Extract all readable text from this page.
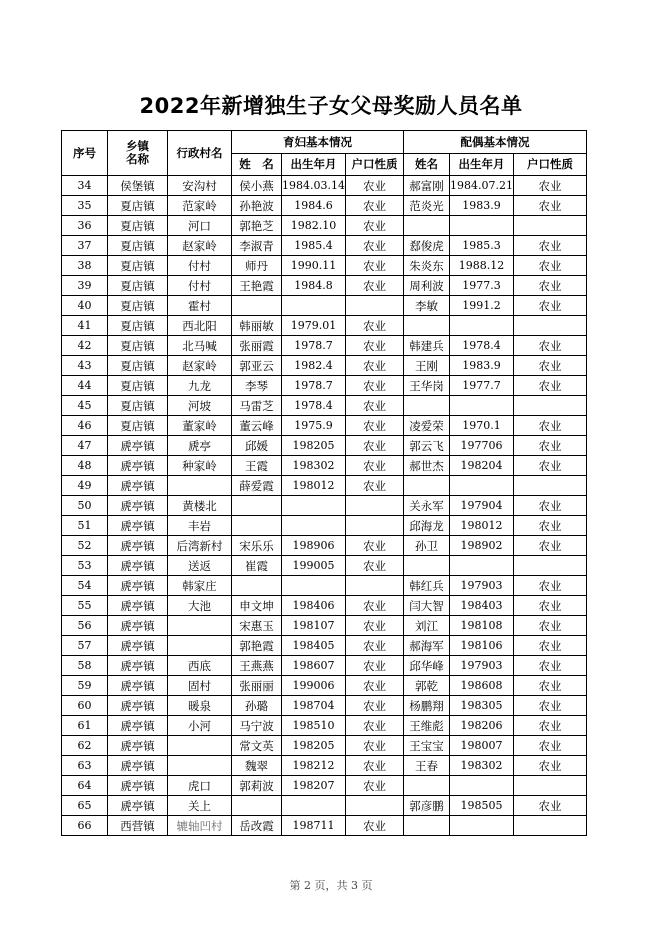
2022年新增独生子女父母奖励人员名单
序号	乡镇
名称	行政村名	育妇基本情况			配偶基本情况		
			姓　名	出生年月	户口性质	姓名	出生年月	户口性质
34	侯堡镇	安沟村	侯小燕	1984.03.14	农业	郝富刚	1984.07.21	农业
35	夏店镇	范家岭	孙艳波	1984.6	农业	范炎光	1983.9	农业
36	夏店镇	河口	郭艳芝	1982.10	农业			
37	夏店镇	赵家岭	李淑青	1985.4	农业	郄俊虎	1985.3	农业
38	夏店镇	付村	师丹	1990.11	农业	朱炎东	1988.12	农业
39	夏店镇	付村	王艳霞	1984.8	农业	周利波	1977.3	农业
40	夏店镇	霍村				李敏	1991.2	农业
41	夏店镇	西北阳	韩丽敏	1979.01	农业			
42	夏店镇	北马喊	张丽霞	1978.7	农业	韩建兵	1978.4	农业
43	夏店镇	赵家岭	郭亚云	1982.4	农业	王刚	1983.9	农业
44	夏店镇	九龙	李琴	1978.7	农业	王华岗	1977.7	农业
45	夏店镇	河坡	马雷芝	1978.4	农业			
46	夏店镇	董家岭	董云峰	1975.9	农业	凌爱荣	1970.1	农业
47	虒亭镇	虒亭	邱媛	198205	农业	郭云飞	197706	农业
48	虒亭镇	种家岭	王霞	198302	农业	郝世杰	198204	农业
49	虒亭镇		薛爱霞	198012	农业			
50	虒亭镇	黄楼北				关永军	197904	农业
51	虒亭镇	丰岩				邱海龙	198012	农业
52	虒亭镇	后湾新村	宋乐乐	198906	农业	孙卫	198902	农业
53	虒亭镇	送返	崔霞	199005	农业			
54	虒亭镇	韩家庄				韩红兵	197903	农业
55	虒亭镇	大池	申文坤	198406	农业	闫大智	198403	农业
56	虒亭镇		宋惠玉	198107	农业	刘江	198108	农业
57	虒亭镇		郭艳霞	198405	农业	郝海军	198106	农业
58	虒亭镇	西底	王燕燕	198607	农业	邱华峰	197903	农业
59	虒亭镇	固村	张丽丽	199006	农业	郭乾	198608	农业
60	虒亭镇	暖泉	孙璐	198704	农业	杨鹏翔	198305	农业
61	虒亭镇	小河	马宁波	198510	农业	王维彪	198206	农业
62	虒亭镇		常文英	198205	农业	王宝宝	198007	农业
63	虒亭镇		魏翠	198212	农业	王春	198302	农业
64	虒亭镇	虎口	郭莉波	198207	农业			
65	虒亭镇	关上				郭彦鹏	198505	农业
66	西营镇	辘轴凹村	岳改霞	198711	农业			
第 2 页，共 3 页
